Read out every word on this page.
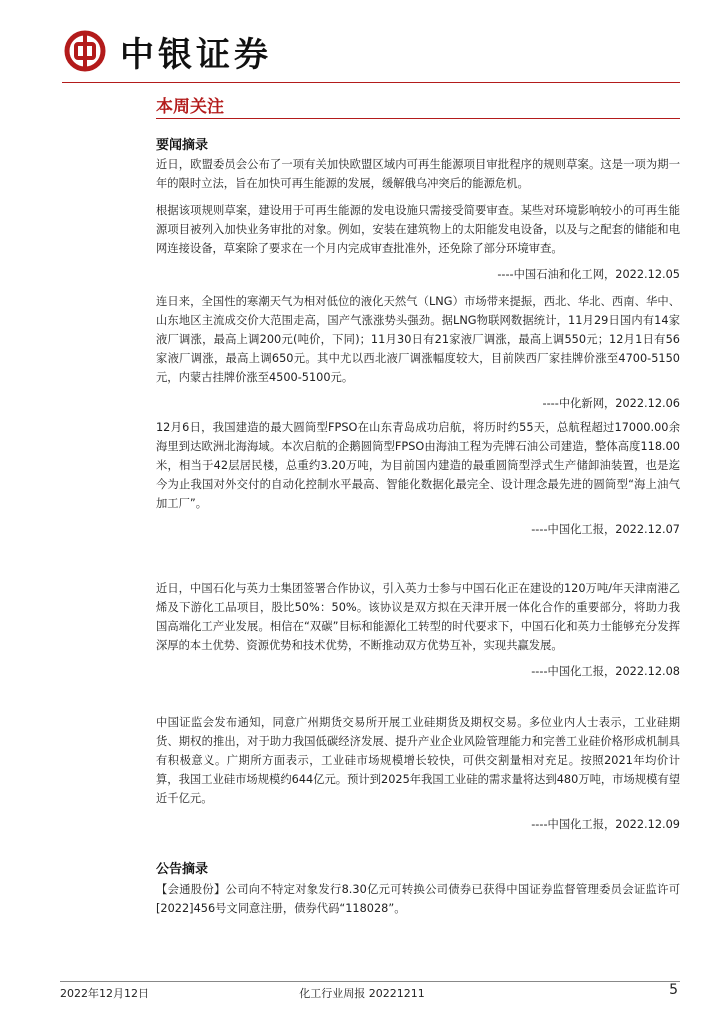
中银证券
本周关注
要闻摘录
近日，欧盟委员会公布了一项有关加快欧盟区域内可再生能源项目审批程序的规则草案。这是一项为期一年的限时立法，旨在加快可再生能源的发展，缓解俄乌冲突后的能源危机。
根据该项规则草案，建设用于可再生能源的发电设施只需接受简要审查。某些对环境影响较小的可再生能源项目被列入加快业务审批的对象。例如，安装在建筑物上的太阳能发电设备，以及与之配套的储能和电网连接设备，草案除了要求在一个月内完成审查批准外，还免除了部分环境审查。
----中国石油和化工网，2022.12.05
连日来，全国性的寒潮天气为相对低位的液化天然气（LNG）市场带来提振，西北、华北、西南、华中、山东地区主流成交价大范围走高，国产气涨涨势头强劲。据LNG物联网数据统计，11月29日国内有14家液厂调涨，最高上调200元(吨价，下同)；11月30日有21家液厂调涨，最高上调550元；12月1日有56家液厂调涨，最高上调650元。其中尤以西北液厂调涨幅度较大，目前陕西厂家挂牌价涨至4700-5150元，内蒙古挂牌价涨至4500-5100元。
----中化新网，2022.12.06
12月6日，我国建造的最大圆筒型FPSO在山东青岛成功启航，将历时约55天，总航程超过17000.00余海里到达欧洲北海海域。本次启航的企鹅圆筒型FPSO由海油工程为壳牌石油公司建造，整体高度118.00米，相当于42层居民楼，总重约3.20万吨，为目前国内建造的最重圆筒型浮式生产储卸油装置，也是迄今为止我国对外交付的自动化控制水平最高、智能化数据化最完全、设计理念最先进的圆筒型“海上油气加工厂”。
----中国化工报，2022.12.07
近日，中国石化与英力士集团签署合作协议，引入英力士参与中国石化正在建设的120万吨/年天津南港乙烯及下游化工品项目，股比50%：50%。该协议是双方拟在天津开展一体化合作的重要部分，将助力我国高端化工产业发展。相信在“双碳”目标和能源化工转型的时代要求下，中国石化和英力士能够充分发挥深厚的本土优势、资源优势和技术优势，不断推动双方优势互补，实现共赢发展。
----中国化工报，2022.12.08
中国证监会发布通知，同意广州期货交易所开展工业硅期货及期权交易。多位业内人士表示，工业硅期货、期权的推出，对于助力我国低碳经济发展、提升产业企业风险管理能力和完善工业硅价格形成机制具有积极意义。广期所方面表示，工业硅市场规模增长较快，可供交割量相对充足。按照2021年均价计算，我国工业硅市场规模约644亿元。预计到2025年我国工业硅的需求量将达到480万吨，市场规模有望近千亿元。
----中国化工报，2022.12.09
公告摘录
【会通股份】公司向不特定对象发行8.30亿元可转换公司债券已获得中国证券监督管理委员会证监许可[2022]456号文同意注册，债券代码“118028”。
2022年12月12日	化工行业周报 20221211	5
